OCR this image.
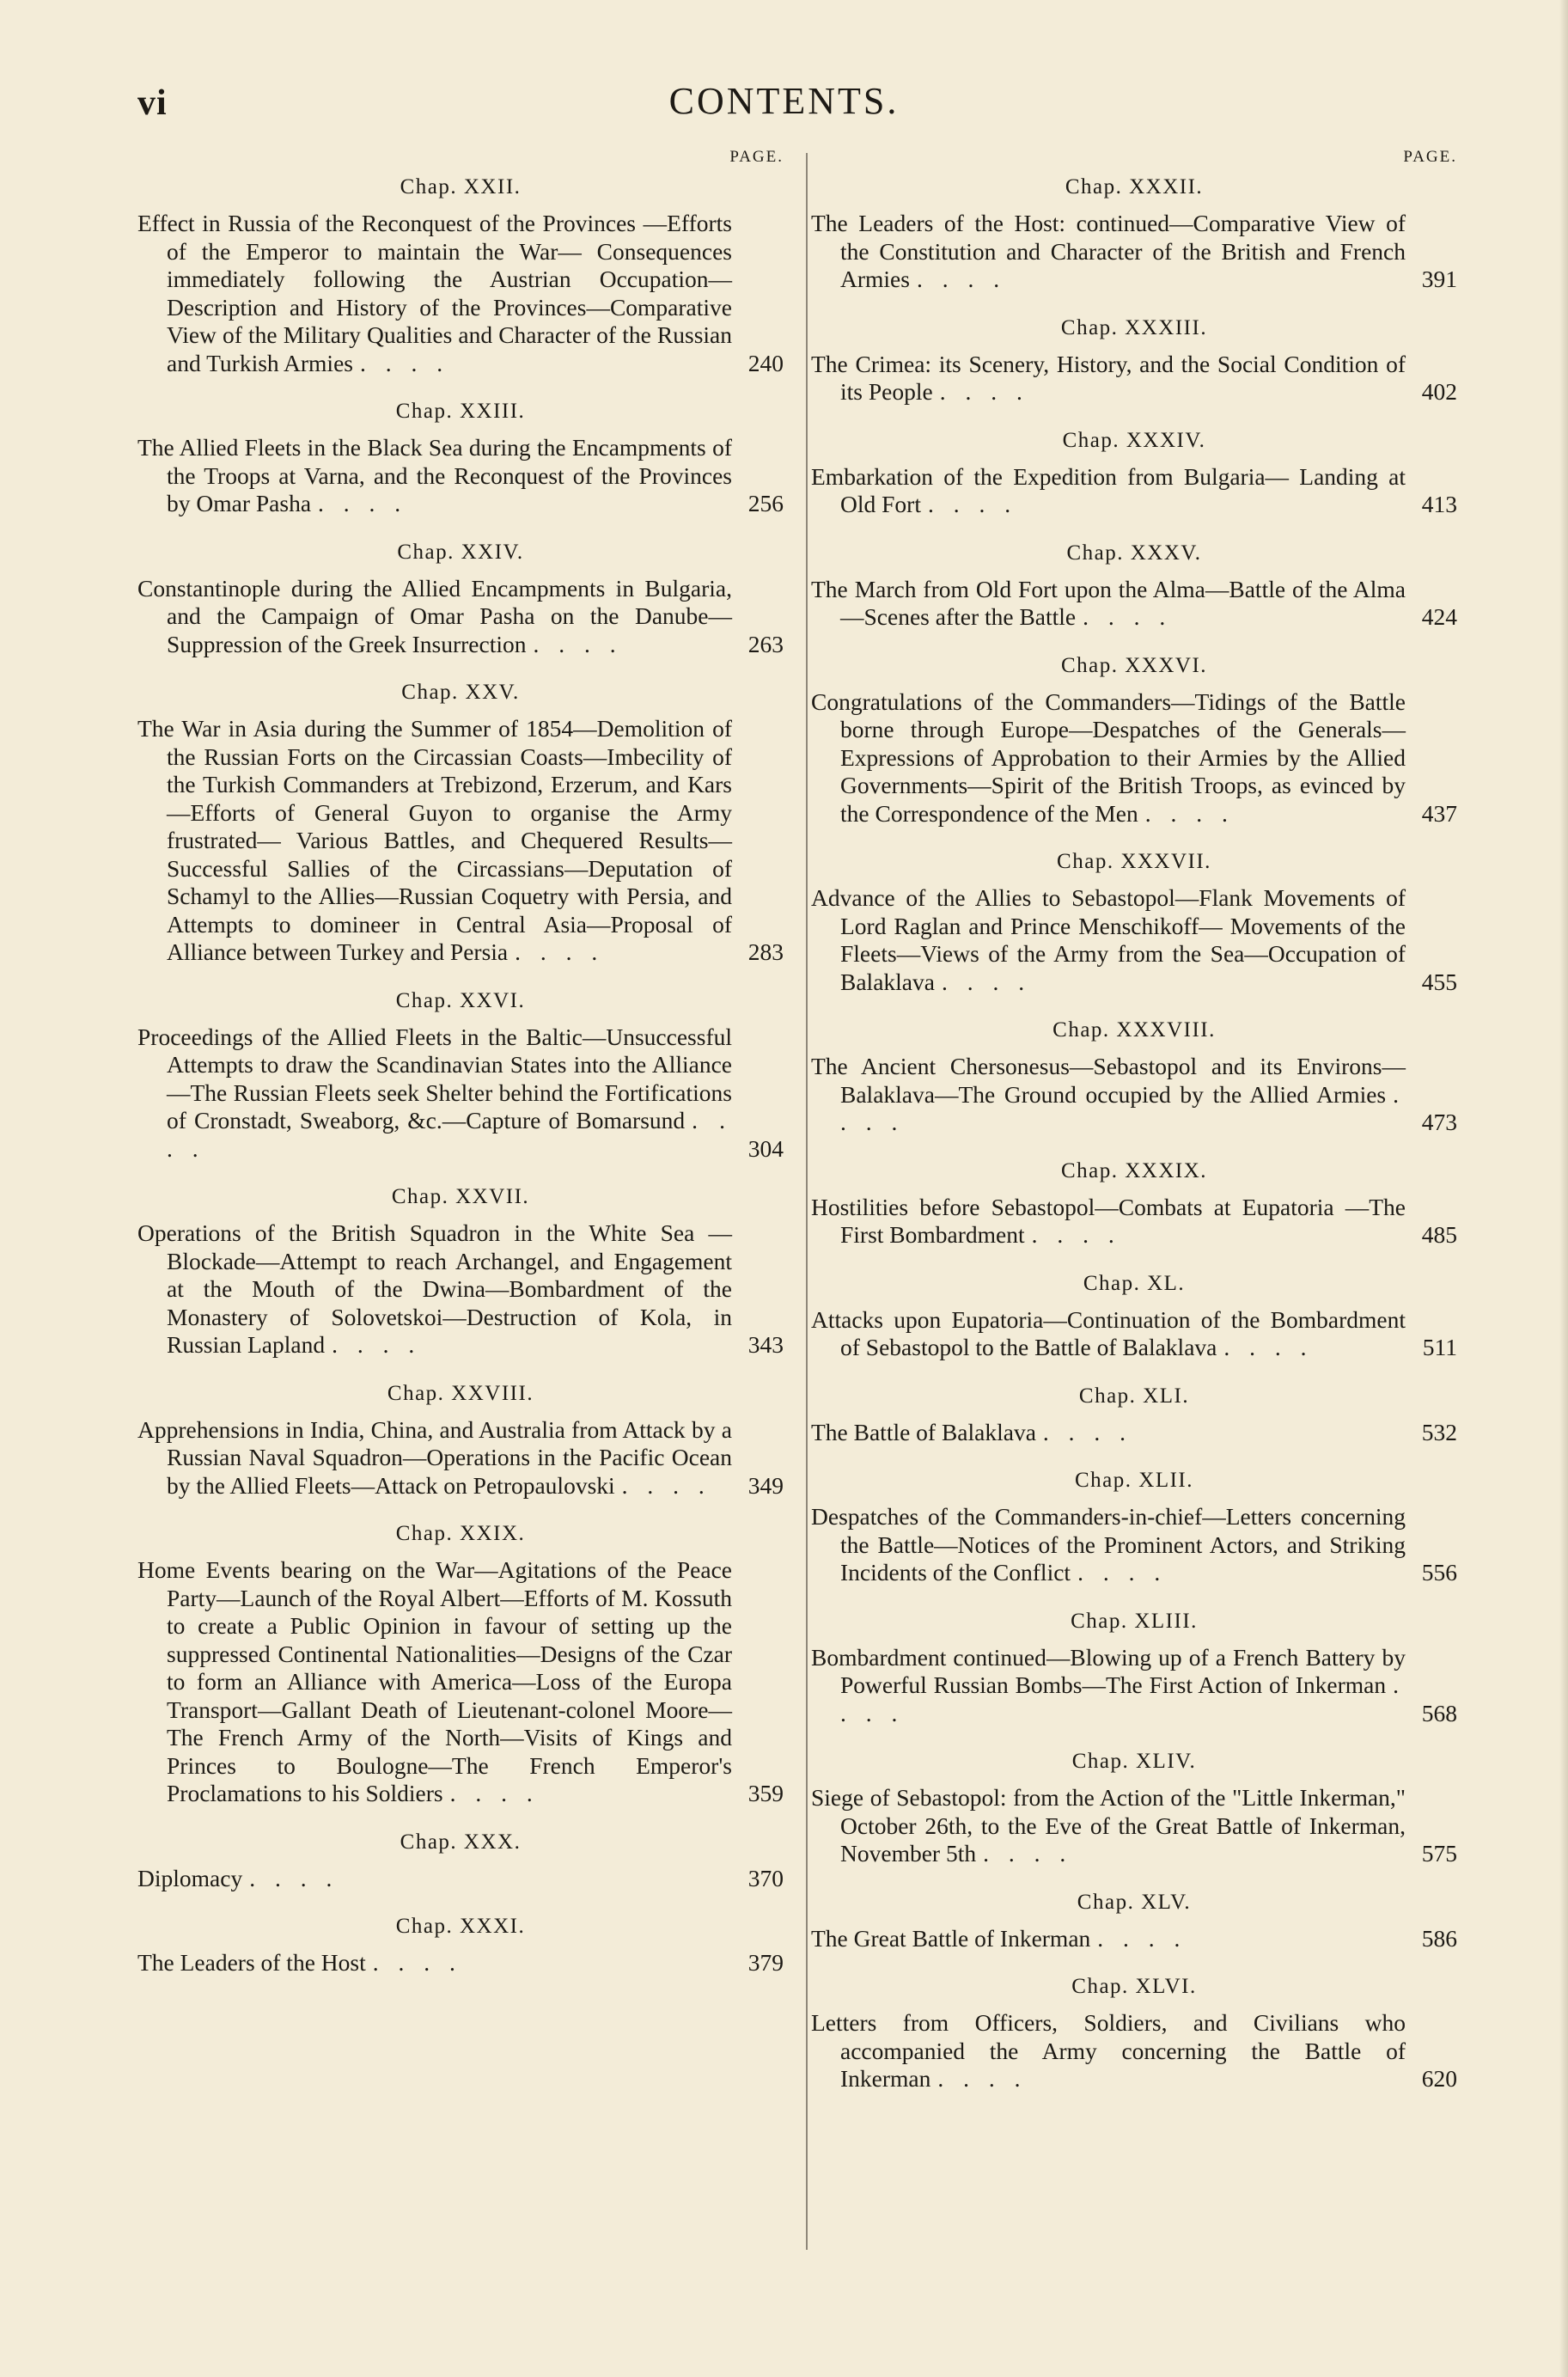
vi	CONTENTS.
PAGE.
Chap. XXII.
Effect in Russia of the Reconquest of the Provinces —Efforts of the Emperor to maintain the War— Consequences immediately following the Austrian Occupation—Description and History of the Provinces—Comparative View of the Military Qualities and Character of the Russian and Turkish Armies . . . .	240
Chap. XXIII.
The Allied Fleets in the Black Sea during the Encampments of the Troops at Varna, and the Reconquest of the Provinces by Omar Pasha . . . .	256
Chap. XXIV.
Constantinople during the Allied Encampments in Bulgaria, and the Campaign of Omar Pasha on the Danube—Suppression of the Greek Insurrection . . . .	263
Chap. XXV.
The War in Asia during the Summer of 1854—Demolition of the Russian Forts on the Circassian Coasts—Imbecility of the Turkish Commanders at Trebizond, Erzerum, and Kars—Efforts of General Guyon to organise the Army frustrated— Various Battles, and Chequered Results—Successful Sallies of the Circassians—Deputation of Schamyl to the Allies—Russian Coquetry with Persia, and Attempts to domineer in Central Asia—Proposal of Alliance between Turkey and Persia . . . .	283
Chap. XXVI.
Proceedings of the Allied Fleets in the Baltic—Unsuccessful Attempts to draw the Scandinavian States into the Alliance—The Russian Fleets seek Shelter behind the Fortifications of Cronstadt, Sweaborg, &c.—Capture of Bomarsund . . . .	304
Chap. XXVII.
Operations of the British Squadron in the White Sea —Blockade—Attempt to reach Archangel, and Engagement at the Mouth of the Dwina—Bombardment of the Monastery of Solovetskoi—Destruction of Kola, in Russian Lapland . . . .	343
Chap. XXVIII.
Apprehensions in India, China, and Australia from Attack by a Russian Naval Squadron—Operations in the Pacific Ocean by the Allied Fleets—Attack on Petropaulovski . . . . 349
Chap. XXIX.
Home Events bearing on the War—Agitations of the Peace Party—Launch of the Royal Albert—Efforts of M. Kossuth to create a Public Opinion in favour of setting up the suppressed Continental Nationalities—Designs of the Czar to form an Alliance with America—Loss of the Europa Transport—Gallant Death of Lieutenant-colonel Moore—The French Army of the North—Visits of Kings and Princes to Boulogne—The French Emperor's Proclamations to his Soldiers . . . .	359
Chap. XXX.
Diplomacy . . . .	370
Chap. XXXI.
The Leaders of the Host . . . .	379
PAGE.
Chap. XXXII.
The Leaders of the Host: continued—Comparative View of the Constitution and Character of the British and French Armies . . . .	391
Chap. XXXIII.
The Crimea: its Scenery, History, and the Social Condition of its People . . . .	402
Chap. XXXIV.
Embarkation of the Expedition from Bulgaria— Landing at Old Fort . . . .	413
Chap. XXXV.
The March from Old Fort upon the Alma—Battle of the Alma—Scenes after the Battle . . . .	424
Chap. XXXVI.
Congratulations of the Commanders—Tidings of the Battle borne through Europe—Despatches of the Generals—Expressions of Approbation to their Armies by the Allied Governments—Spirit of the British Troops, as evinced by the Correspondence of the Men . . . .	437
Chap. XXXVII.
Advance of the Allies to Sebastopol—Flank Movements of Lord Raglan and Prince Menschikoff— Movements of the Fleets—Views of the Army from the Sea—Occupation of Balaklava . . . .	455
Chap. XXXVIII.
The Ancient Chersonesus—Sebastopol and its Environs—Balaklava—The Ground occupied by the Allied Armies . . . .	473
Chap. XXXIX.
Hostilities before Sebastopol—Combats at Eupatoria —The First Bombardment . . . .	485
Chap. XL.
Attacks upon Eupatoria—Continuation of the Bombardment of Sebastopol to the Battle of Balaklava . . . .	511
Chap. XLI.
The Battle of Balaklava . . . .	532
Chap. XLII.
Despatches of the Commanders-in-chief—Letters concerning the Battle—Notices of the Prominent Actors, and Striking Incidents of the Conflict . . . .	556
Chap. XLIII.
Bombardment continued—Blowing up of a French Battery by Powerful Russian Bombs—The First Action of Inkerman . . . .	568
Chap. XLIV.
Siege of Sebastopol: from the Action of the "Little Inkerman," October 26th, to the Eve of the Great Battle of Inkerman, November 5th . . . .	575
Chap. XLV.
The Great Battle of Inkerman . . . .	586
Chap. XLVI.
Letters from Officers, Soldiers, and Civilians who accompanied the Army concerning the Battle of Inkerman . . . .	620
